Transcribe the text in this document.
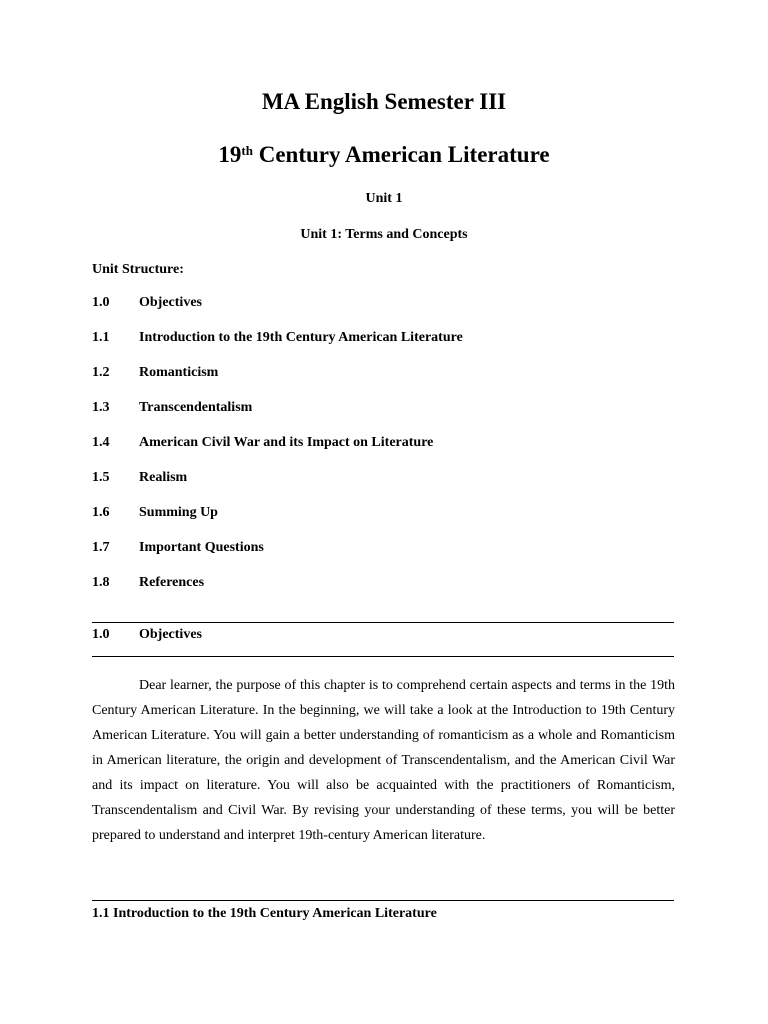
MA English Semester III
19th Century American Literature
Unit 1
Unit 1: Terms and Concepts
Unit Structure:
1.0 Objectives
1.1 Introduction to the 19th Century American Literature
1.2 Romanticism
1.3 Transcendentalism
1.4 American Civil War and its Impact on Literature
1.5 Realism
1.6 Summing Up
1.7 Important Questions
1.8 References
1.0 Objectives

Dear learner, the purpose of this chapter is to comprehend certain aspects and terms in the 19th Century American Literature. In the beginning, we will take a look at the Introduction to 19th Century American Literature. You will gain a better understanding of romanticism as a whole and Romanticism in American literature, the origin and development of Transcendentalism, and the American Civil War and its impact on literature. You will also be acquainted with the practitioners of Romanticism, Transcendentalism and Civil War. By revising your understanding of these terms, you will be better prepared to understand and interpret 19th-century American literature.

1.1 Introduction to the 19th Century American Literature
